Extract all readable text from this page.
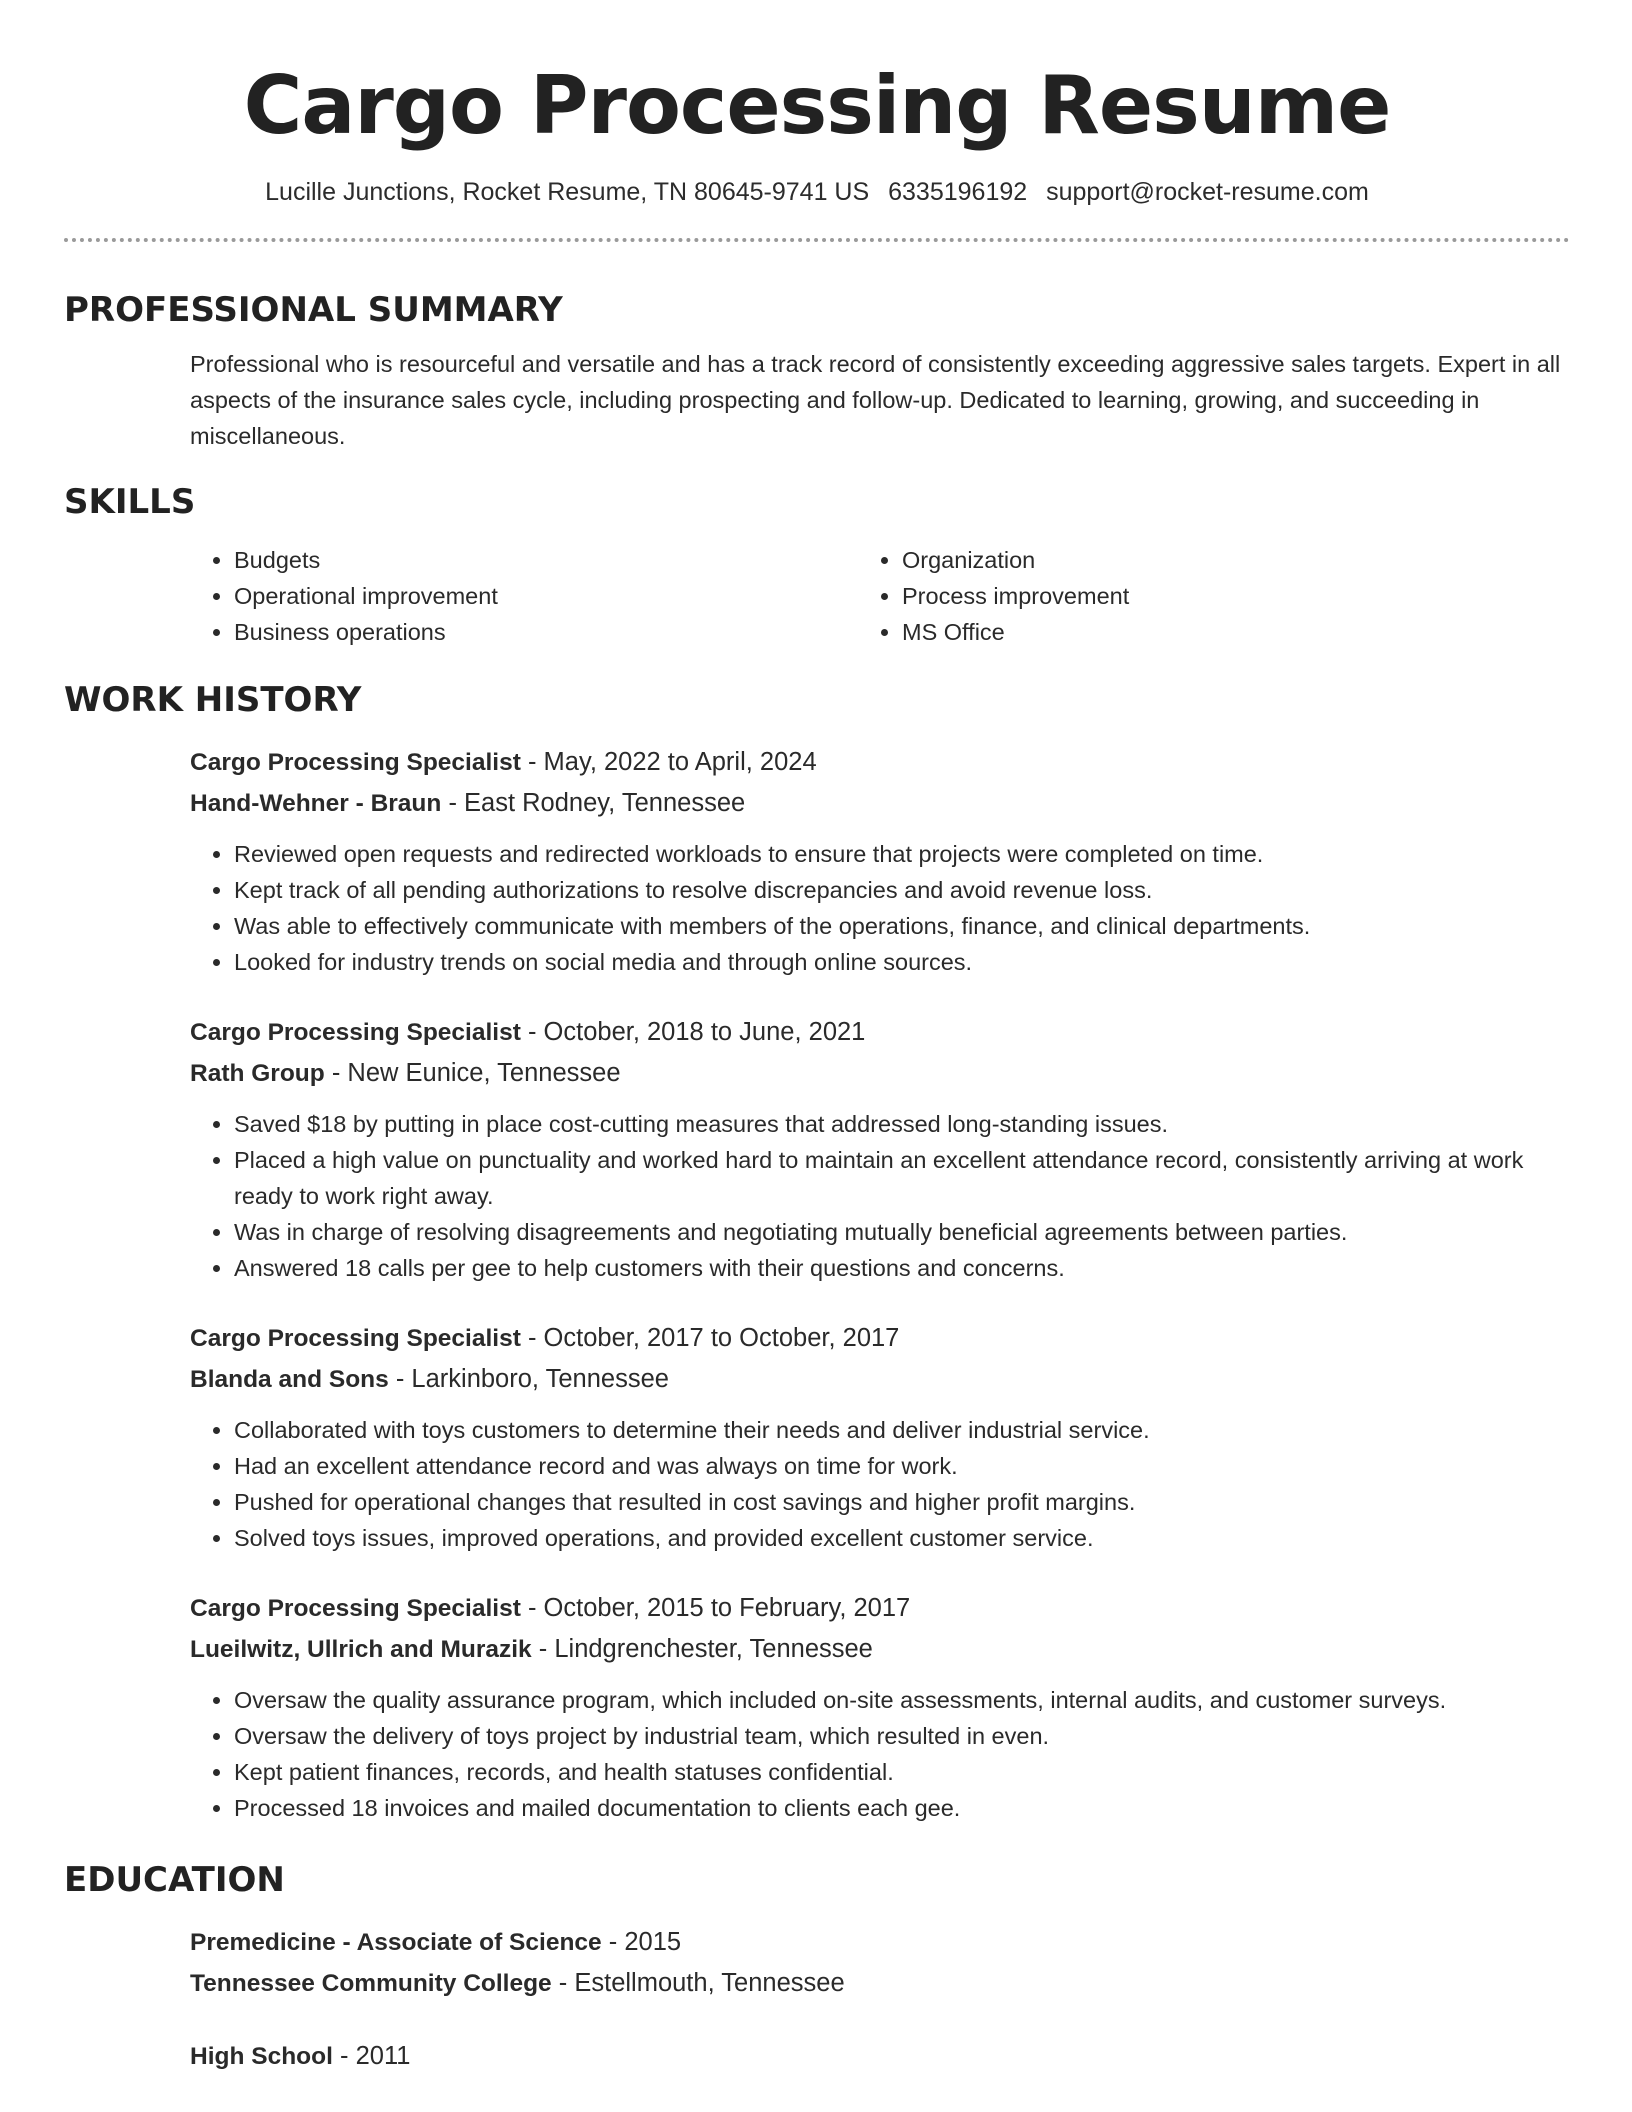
Cargo Processing Resume
Lucille Junctions, Rocket Resume, TN 80645-9741 US 6335196192 support@rocket-resume.com
PROFESSIONAL SUMMARY
Professional who is resourceful and versatile and has a track record of consistently exceeding aggressive sales targets. Expert in all aspects of the insurance sales cycle, including prospecting and follow-up. Dedicated to learning, growing, and succeeding in miscellaneous.
SKILLS
• Budgets
• Operational improvement
• Business operations
• Organization
• Process improvement
• MS Office
WORK HISTORY
Cargo Processing Specialist - May, 2022 to April, 2024
Hand-Wehner - Braun - East Rodney, Tennessee
• Reviewed open requests and redirected workloads to ensure that projects were completed on time.
• Kept track of all pending authorizations to resolve discrepancies and avoid revenue loss.
• Was able to effectively communicate with members of the operations, finance, and clinical departments.
• Looked for industry trends on social media and through online sources.
Cargo Processing Specialist - October, 2018 to June, 2021
Rath Group - New Eunice, Tennessee
• Saved $18 by putting in place cost-cutting measures that addressed long-standing issues.
• Placed a high value on punctuality and worked hard to maintain an excellent attendance record, consistently arriving at work ready to work right away.
• Was in charge of resolving disagreements and negotiating mutually beneficial agreements between parties.
• Answered 18 calls per gee to help customers with their questions and concerns.
Cargo Processing Specialist - October, 2017 to October, 2017
Blanda and Sons - Larkinboro, Tennessee
• Collaborated with toys customers to determine their needs and deliver industrial service.
• Had an excellent attendance record and was always on time for work.
• Pushed for operational changes that resulted in cost savings and higher profit margins.
• Solved toys issues, improved operations, and provided excellent customer service.
Cargo Processing Specialist - October, 2015 to February, 2017
Lueilwitz, Ullrich and Murazik - Lindgrenchester, Tennessee
• Oversaw the quality assurance program, which included on-site assessments, internal audits, and customer surveys.
• Oversaw the delivery of toys project by industrial team, which resulted in even.
• Kept patient finances, records, and health statuses confidential.
• Processed 18 invoices and mailed documentation to clients each gee.
EDUCATION
Premedicine - Associate of Science - 2015
Tennessee Community College - Estellmouth, Tennessee
High School - 2011
